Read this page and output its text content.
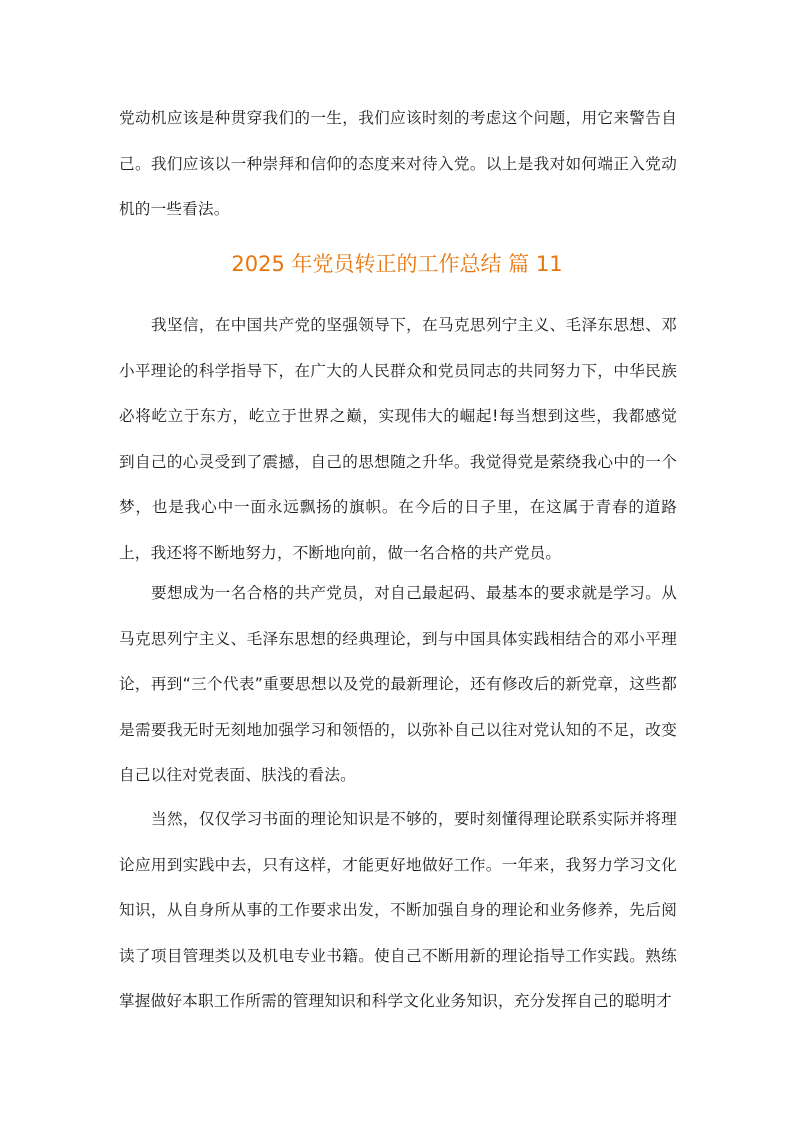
党动机应该是种贯穿我们的一生，我们应该时刻的考虑这个问题，用它来警告自己。我们应该以一种崇拜和信仰的态度来对待入党。以上是我对如何端正入党动机的一些看法。

2025 年党员转正的工作总结 篇 11

我坚信，在中国共产党的坚强领导下，在马克思列宁主义、毛泽东思想、邓小平理论的科学指导下，在广大的人民群众和党员同志的共同努力下，中华民族必将屹立于东方，屹立于世界之巅，实现伟大的崛起!每当想到这些，我都感觉到自己的心灵受到了震撼，自己的思想随之升华。我觉得党是萦绕我心中的一个梦，也是我心中一面永远飘扬的旗帜。在今后的日子里，在这属于青春的道路上，我还将不断地努力，不断地向前，做一名合格的共产党员。

要想成为一名合格的共产党员，对自己最起码、最基本的要求就是学习。从马克思列宁主义、毛泽东思想的经典理论，到与中国具体实践相结合的邓小平理论，再到“三个代表”重要思想以及党的最新理论，还有修改后的新党章，这些都是需要我无时无刻地加强学习和领悟的，以弥补自己以往对党认知的不足，改变自己以往对党表面、肤浅的看法。

当然，仅仅学习书面的理论知识是不够的，要时刻懂得理论联系实际并将理论应用到实践中去，只有这样，才能更好地做好工作。一年来，我努力学习文化知识，从自身所从事的工作要求出发，不断加强自身的理论和业务修养，先后阅读了项目管理类以及机电专业书籍。使自己不断用新的理论指导工作实践。熟练掌握做好本职工作所需的管理知识和科学文化业务知识，充分发挥自己的聪明才
